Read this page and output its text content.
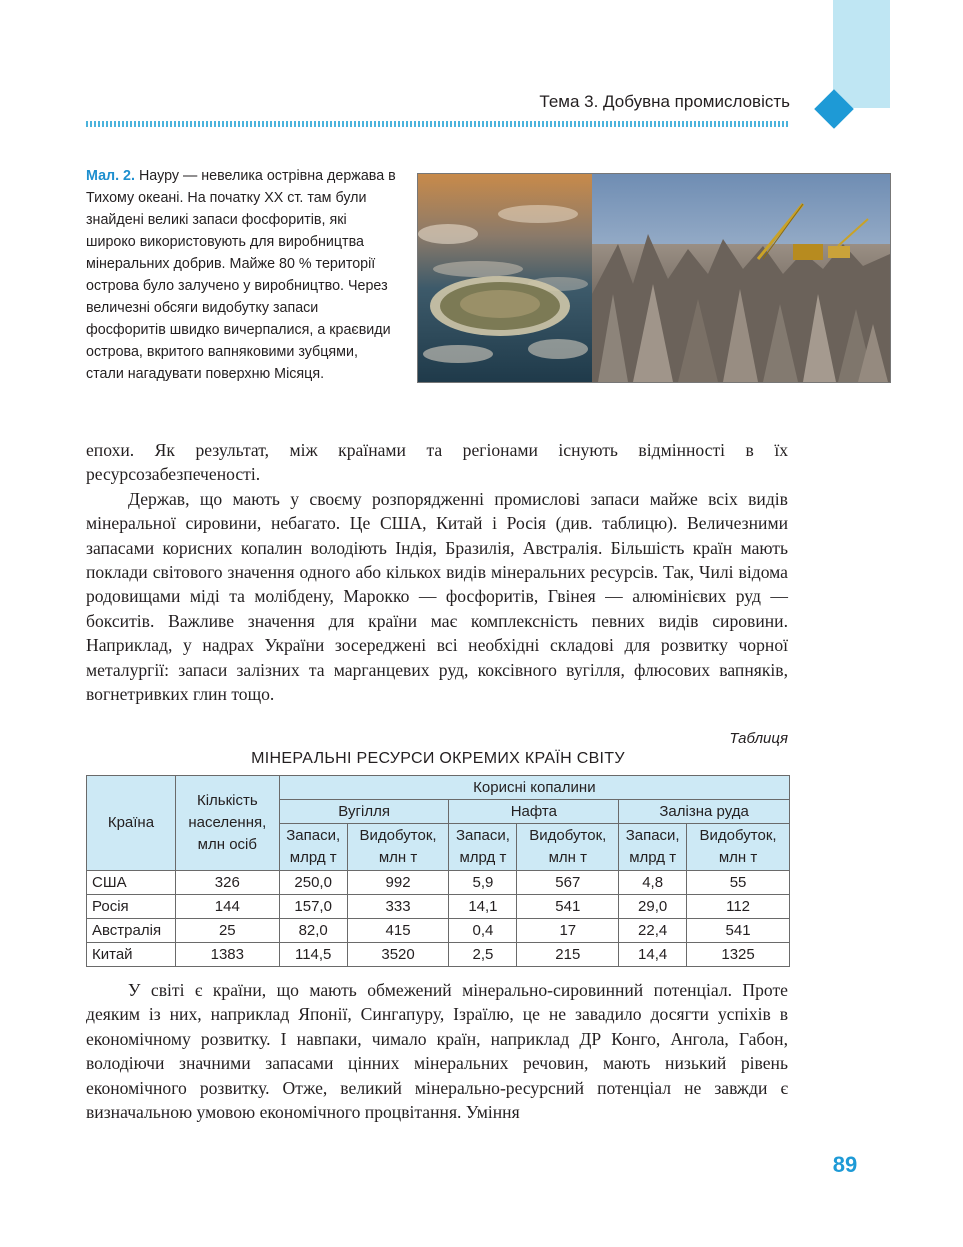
Тема 3. Добувна промисловість
Мал. 2. Науру — невелика острівна держава в Тихому океані. На початку XX ст. там були знайдені великі запаси фосфоритів, які широко використовують для виробництва мінеральних добрив. Майже 80 % території острова було залучено у виробництво. Через величезні обсяги видобутку запаси фосфоритів швидко вичерпалися, а краєвиди острова, вкритого вапняковими зубцями, стали нагадувати поверхню Місяця.

епохи. Як результат, між країнами та регіонами існують відмінності в їх ресурсозабезпеченості.

Держав, що мають у своєму розпорядженні промислові запаси майже всіх видів мінеральної сировини, небагато. Це США, Китай і Росія (див. таблицю). Величезними запасами корисних копалин володіють Індія, Бразилія, Австралія. Більшість країн мають поклади світового значення одного або кількох видів мінеральних ресурсів. Так, Чилі відома родовищами міді та молібдену, Марокко — фосфоритів, Гвінея — алюмінієвих руд — бокситів. Важливе значення для країни має комплексність певних видів сировини. Наприклад, у надрах України зосереджені всі необхідні складові для розвитку чорної металургії: запаси залізних та марганцевих руд, коксівного вугілля, флюсових вапняків, вогнетривких глин тощо.

Таблиця
МІНЕРАЛЬНІ РЕСУРСИ ОКРЕМИХ КРАЇН СВІТУ
Країна	Кількість населення, млн осіб	Корисні копалини					
		Вугілля		Нафта		Залізна руда	
		Запаси, млрд т	Видобуток, млн т	Запаси, млрд т	Видобуток, млн т	Запаси, млрд т	Видобуток, млн т
США	326	250,0	992	5,9	567	4,8	55
Росія	144	157,0	333	14,1	541	29,0	112
Австралія	25	82,0	415	0,4	17	22,4	541
Китай	1383	114,5	3520	2,5	215	14,4	1325

У світі є країни, що мають обмежений мінерально-сировинний потенціал. Проте деяким із них, наприклад Японії, Сингапуру, Ізраїлю, це не завадило досягти успіхів в економічному розвитку. І навпаки, чимало країн, наприклад ДР Конго, Ангола, Габон, володіючи значними запасами цінних мінеральних речовин, мають низький рівень економічного розвитку. Отже, великий мінерально-ресурсний потенціал не завжди є визначальною умовою економічного процвітання. Уміння

89
